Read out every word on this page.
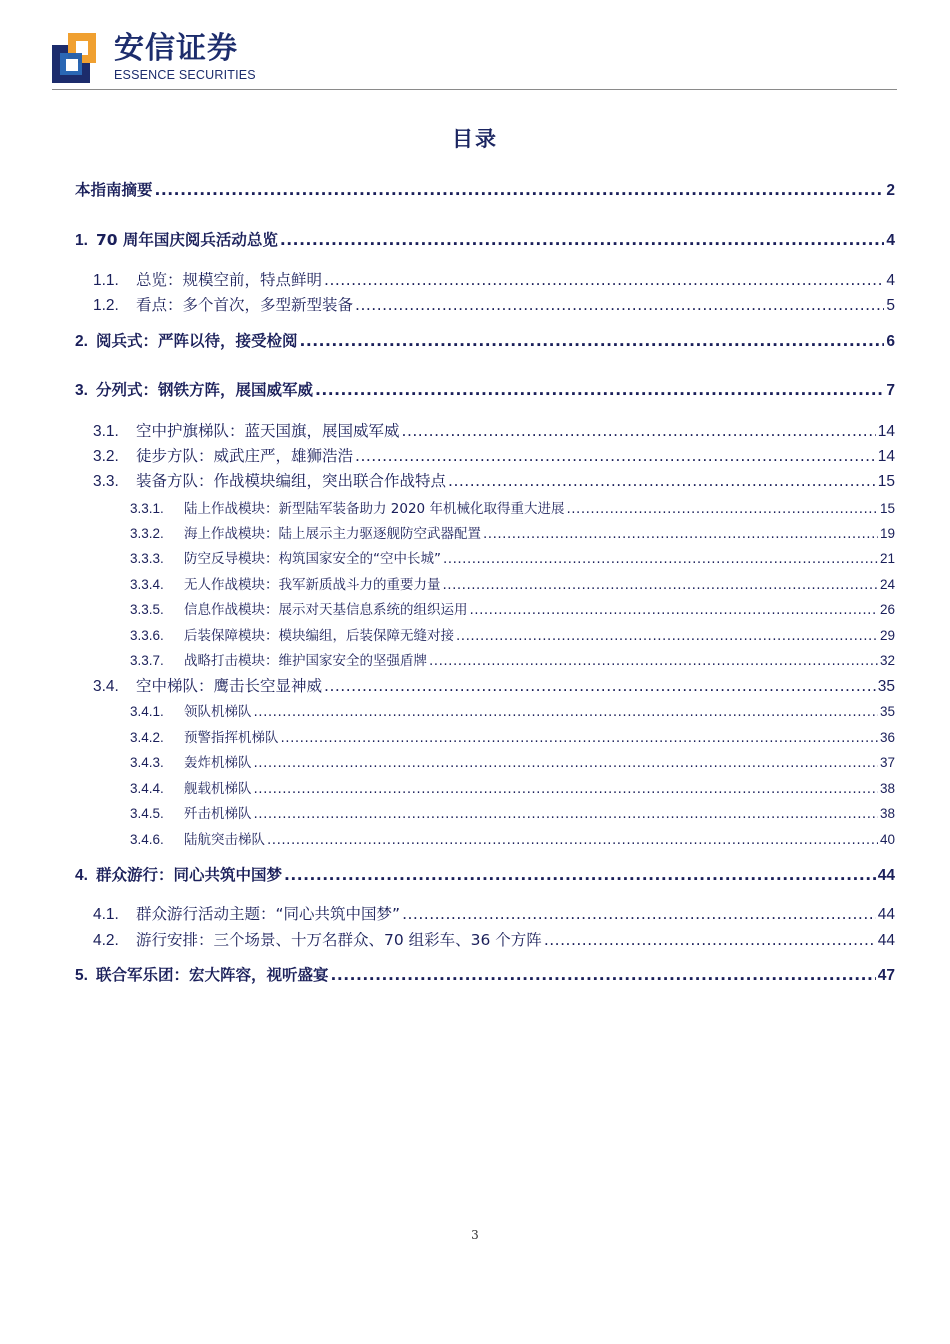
安信证券
ESSENCE SECURITIES
目录
本指南摘要 .....	2
1. 70 周年国庆阅兵活动总览 .....	4
1.1.	总览：规模空前，特点鲜明 .....	4
1.2.	看点：多个首次，多型新型装备 .....	5
2. 阅兵式：严阵以待，接受检阅 .....	6
3. 分列式：钢铁方阵，展国威军威 .....	7
3.1.	空中护旗梯队：蓝天国旗，展国威军威 .....	14
3.2.	徒步方队：威武庄严，雄狮浩浩 .....	14
3.3.	装备方队：作战模块编组，突出联合作战特点 .....	15
3.3.1.	陆上作战模块：新型陆军装备助力 2020 年机械化取得重大进展 .....	15
3.3.2.	海上作战模块：陆上展示主力驱逐舰防空武器配置 .....	19
3.3.3.	防空反导模块：构筑国家安全的“空中长城” .....	21
3.3.4.	无人作战模块：我军新质战斗力的重要力量 .....	24
3.3.5.	信息作战模块：展示对天基信息系统的组织运用 .....	26
3.3.6.	后装保障模块：模块编组，后装保障无缝对接 .....	29
3.3.7.	战略打击模块：维护国家安全的坚强盾牌 .....	32
3.4.	空中梯队：鹰击长空显神威 .....	35
3.4.1.	领队机梯队 .....	35
3.4.2.	预警指挥机梯队 .....	36
3.4.3.	轰炸机梯队 .....	37
3.4.4.	舰载机梯队 .....	38
3.4.5.	歼击机梯队 .....	38
3.4.6.	陆航突击梯队 .....	40
4. 群众游行：同心共筑中国梦 .....	44
4.1.	群众游行活动主题：“同心共筑中国梦” .....	44
4.2.	游行安排：三个场景、十万名群众、70 组彩车、36 个方阵 .....	44
5. 联合军乐团：宏大阵容，视听盛宴 .....	47
3
